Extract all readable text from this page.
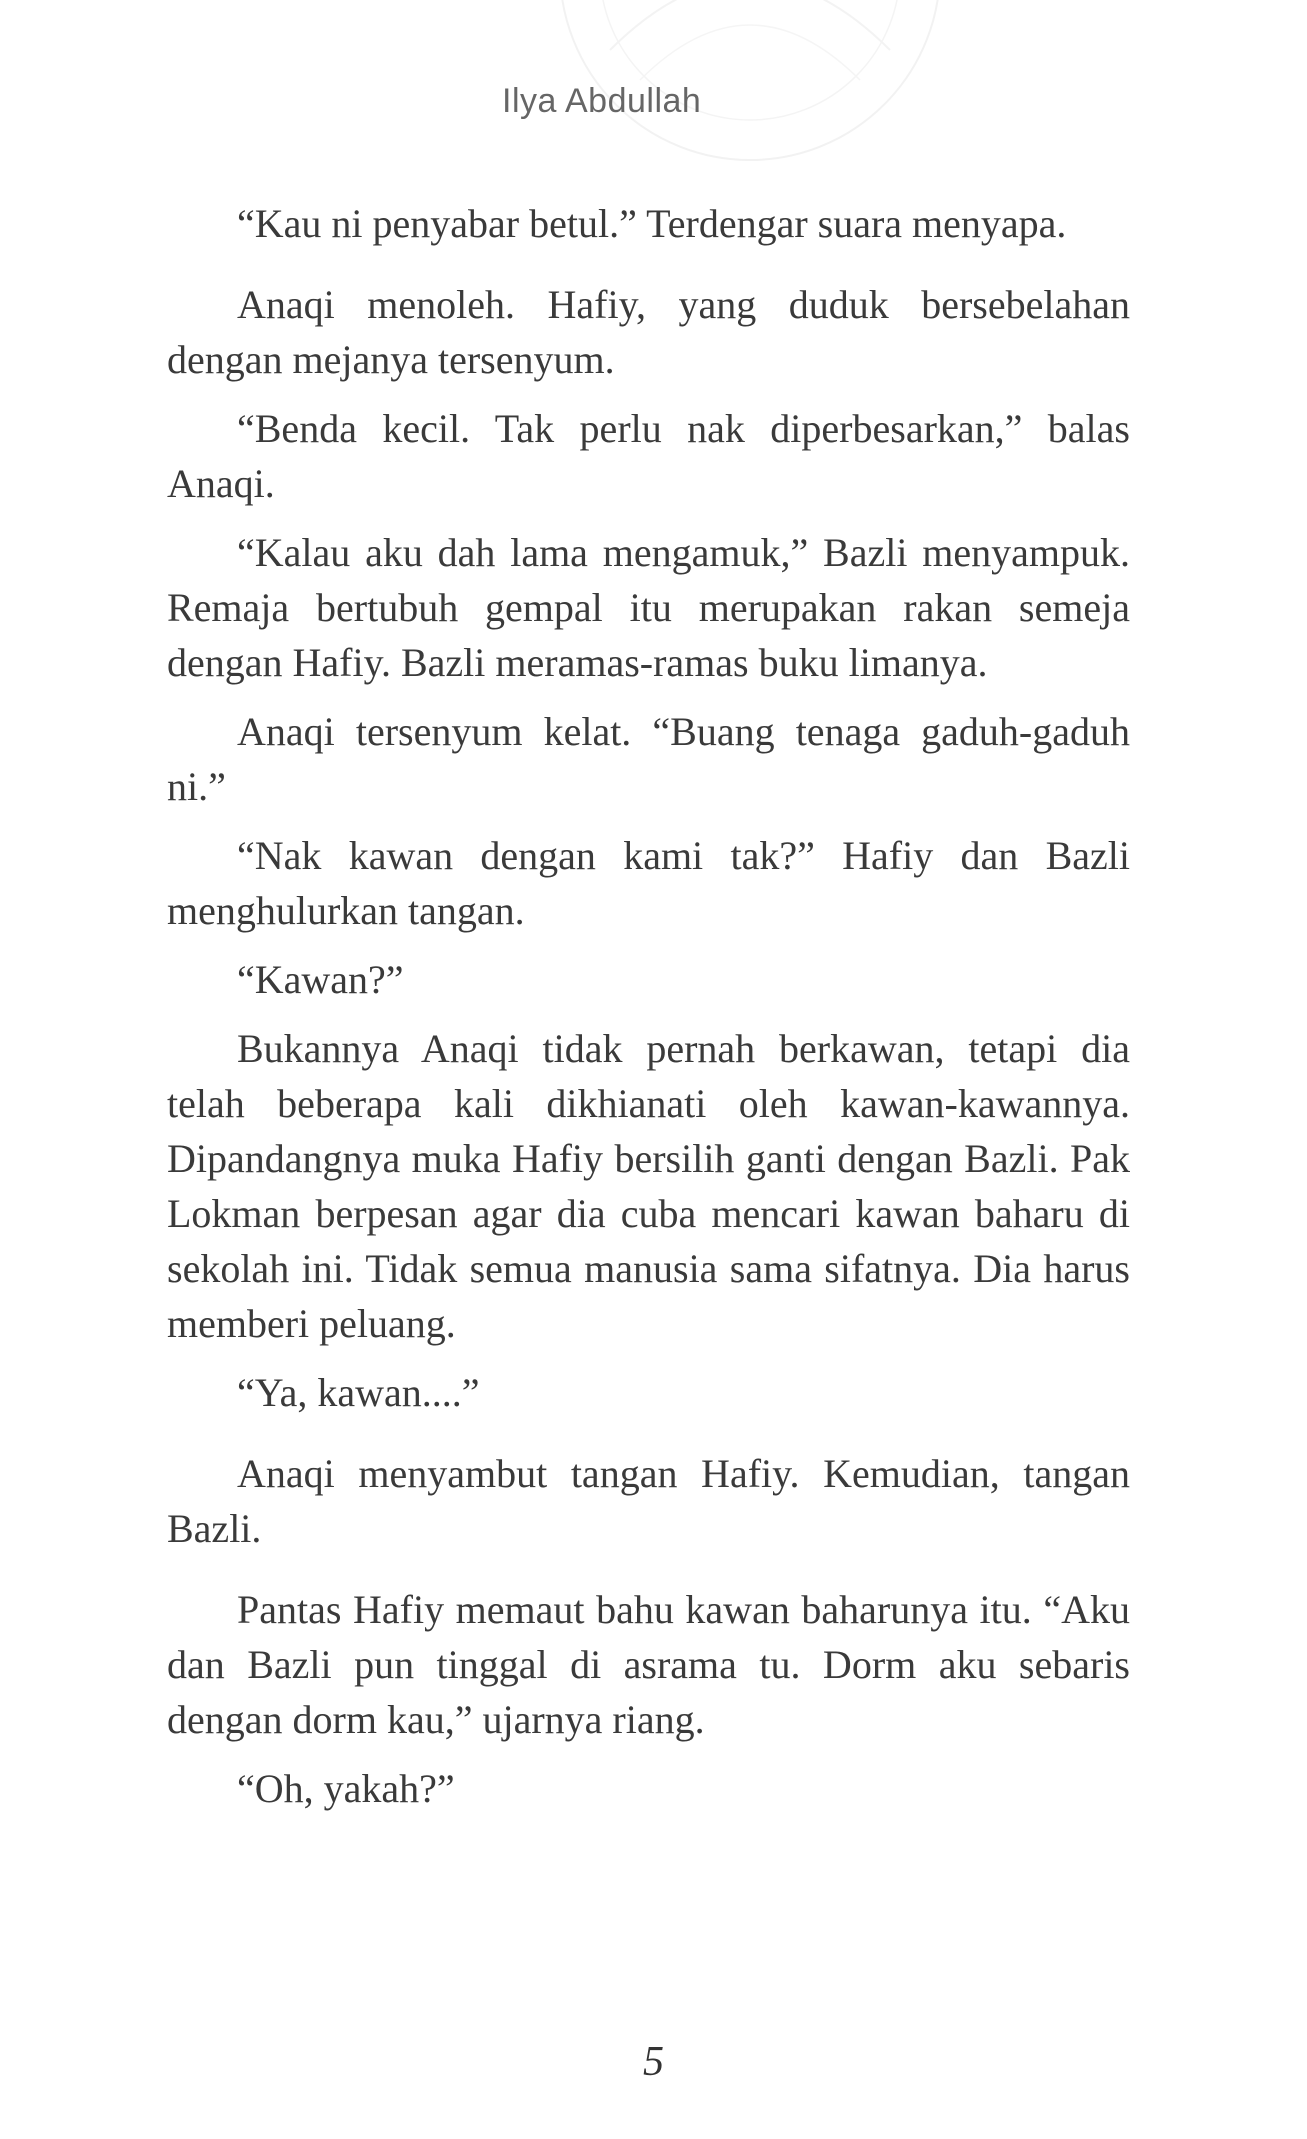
Ilya Abdullah

“Kau ni penyabar betul.” Terdengar suara menyapa.

Anaqi menoleh. Hafiy, yang duduk bersebelahan dengan mejanya tersenyum.

“Benda kecil. Tak perlu nak diperbesarkan,” balas Anaqi.

“Kalau aku dah lama mengamuk,” Bazli menyampuk. Remaja bertubuh gempal itu merupakan rakan semeja dengan Hafiy. Bazli meramas-ramas buku limanya.

Anaqi tersenyum kelat. “Buang tenaga gaduh-gaduh ni.”

“Nak kawan dengan kami tak?” Hafiy dan Bazli menghulurkan tangan.

“Kawan?”

Bukannya Anaqi tidak pernah berkawan, tetapi dia telah beberapa kali dikhianati oleh kawan-kawannya. Dipandangnya muka Hafiy bersilih ganti dengan Bazli. Pak Lokman berpesan agar dia cuba mencari kawan baharu di sekolah ini. Tidak semua manusia sama sifatnya. Dia harus memberi peluang.

“Ya, kawan....”

Anaqi menyambut tangan Hafiy. Kemudian, tangan Bazli.

Pantas Hafiy memaut bahu kawan baharunya itu. “Aku dan Bazli pun tinggal di asrama tu. Dorm aku sebaris dengan dorm kau,” ujarnya riang.

“Oh, yakah?”

5
